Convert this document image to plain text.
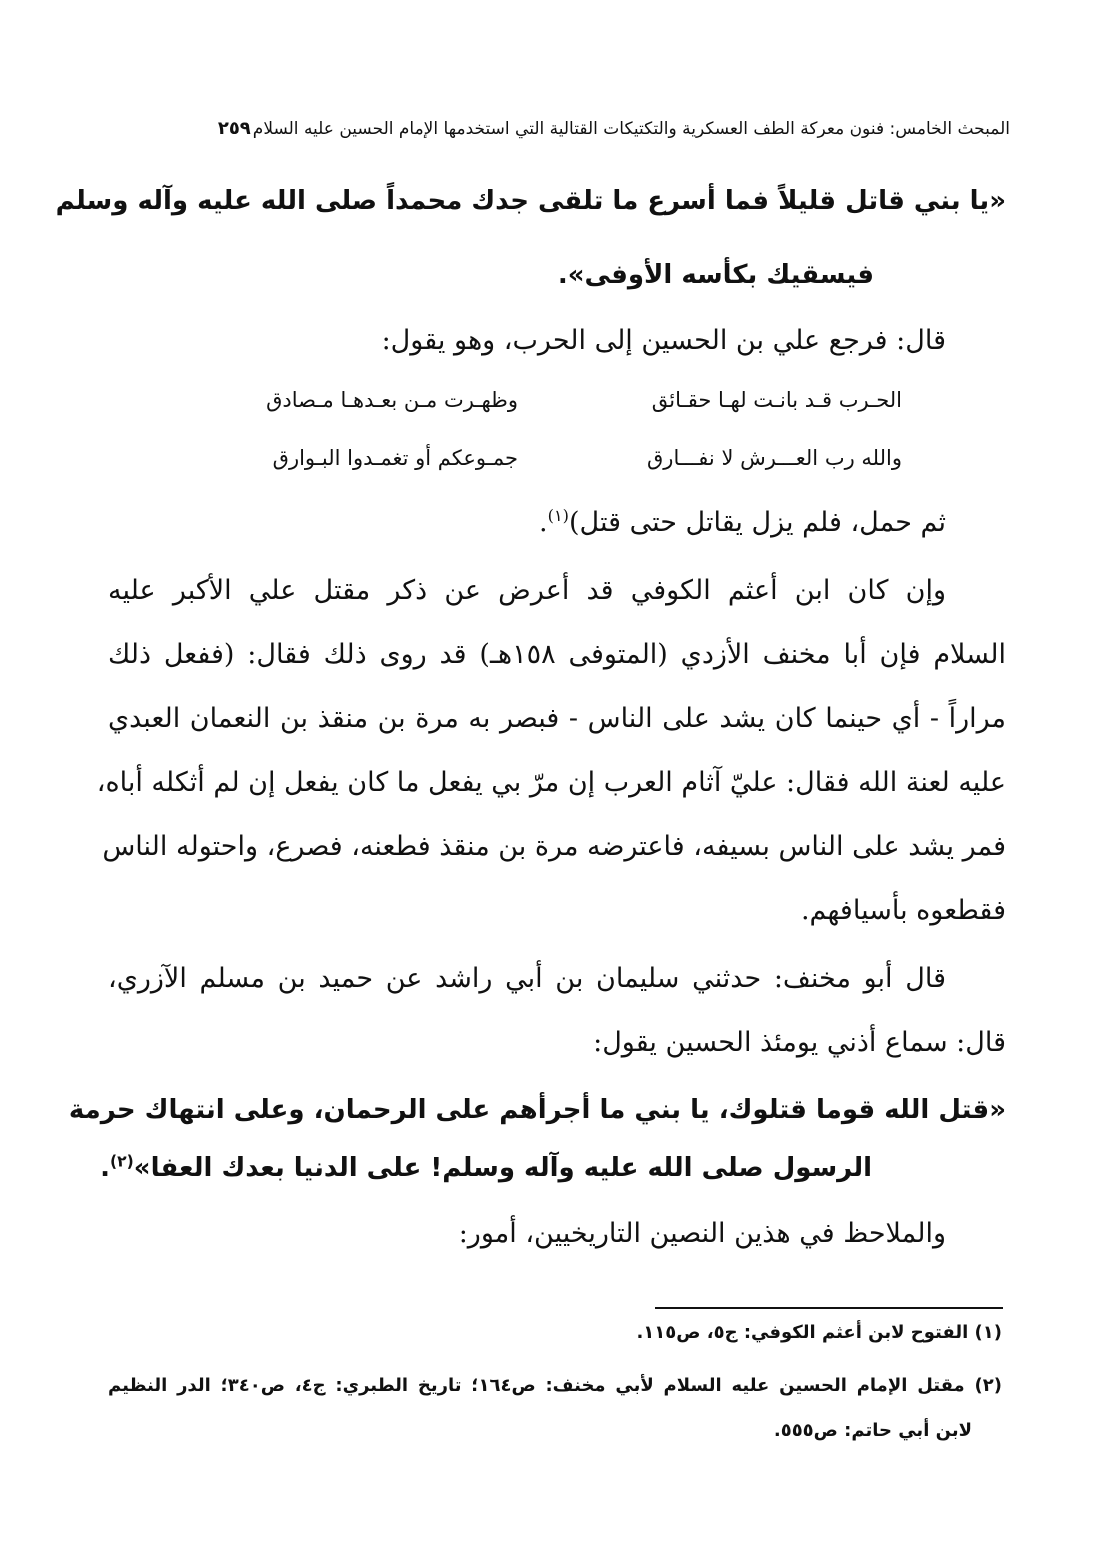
المبحث الخامس: فنون معركة الطف العسكرية والتكتيكات القتالية التي استخدمها الإمام الحسين عليه السلام٢٥٩
«يا بني قاتل قليلاً فما أسرع ما تلقى جدك محمداً صلى الله عليه وآله وسلم
فيسقيك بكأسه الأوفى».
قال: فرجع علي بن الحسين إلى الحرب، وهو يقول:
الحـرب قـد بانـت لهـا حقـائق
وظهـرت مـن بعـدهـا مـصادق
والله رب العـــرش لا نفـــارق
جمـوعكم أو تغمـدوا البـوارق
ثم حمل، فلم يزل يقاتل حتى قتل)$^{(١)}$.
وإن كان ابن أعثم الكوفي قد أعرض عن ذكر مقتل علي الأكبر عليه
السلام فإن أبا مخنف الأزدي (المتوفى ١٥٨هـ) قد روى ذلك فقال: (ففعل ذلك
مراراً - أي حينما كان يشد على الناس - فبصر به مرة بن منقذ بن النعمان العبدي
عليه لعنة الله فقال: عليّ آثام العرب إن مرّ بي يفعل ما كان يفعل إن لم أثكله أباه،
فمر يشد على الناس بسيفه، فاعترضه مرة بن منقذ فطعنه، فصرع، واحتوله الناس
فقطعوه بأسيافهم.
قال أبو مخنف: حدثني سليمان بن أبي راشد عن حميد بن مسلم الآزري،
قال: سماع أذني يومئذ الحسين يقول:
«قتل الله قوما قتلوك، يا بني ما أجرأهم على الرحمان، وعلى انتهاك حرمة
الرسول صلى الله عليه وآله وسلم! على الدنيا بعدك العفا»$^{(٢)}$.
والملاحظ في هذين النصين التاريخيين، أمور:
(١) الفتوح لابن أعثم الكوفي: ج٥، ص١١٥.
(٢) مقتل الإمام الحسين عليه السلام لأبي مخنف: ص١٦٤؛ تاريخ الطبري: ج٤، ص٣٤٠؛ الدر النظيم
لابن أبي حاتم: ص٥٥٥.
